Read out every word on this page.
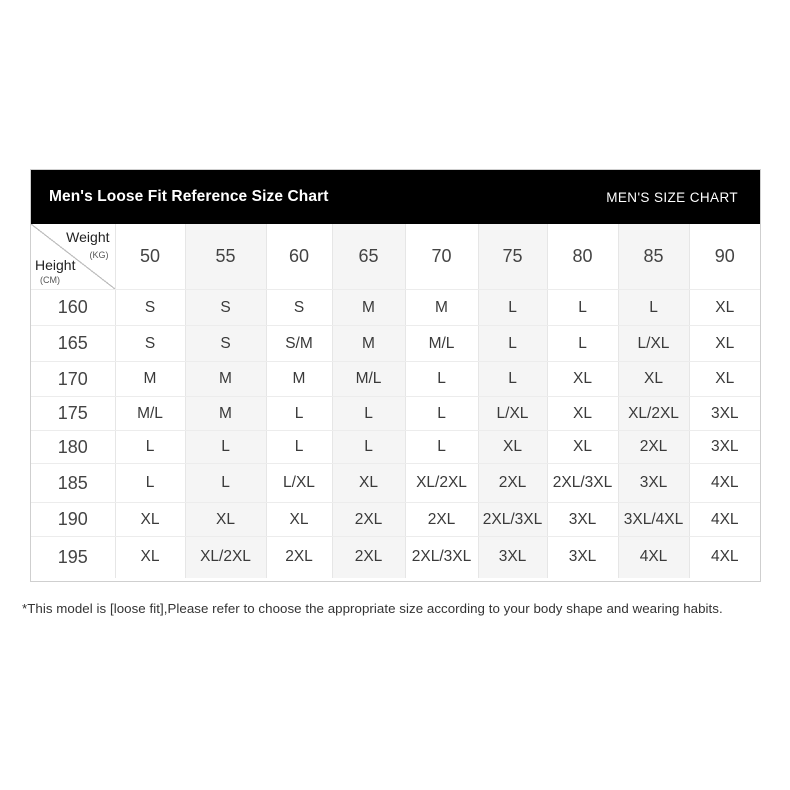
Men's Loose Fit Reference Size Chart	MEN'S SIZE CHART
Weight
(KG)
Height
(CM)	50	55	60	65	70	75	80	85	90
160	S	S	S	M	M	L	L	L	XL
165	S	S	S/M	M	M/L	L	L	L/XL	XL
170	M	M	M	M/L	L	L	XL	XL	XL
175	M/L	M	L	L	L	L/XL	XL	XL/2XL	3XL
180	L	L	L	L	L	XL	XL	2XL	3XL
185	L	L	L/XL	XL	XL/2XL	2XL	2XL/3XL	3XL	4XL
190	XL	XL	XL	2XL	2XL	2XL/3XL	3XL	3XL/4XL	4XL
195	XL	XL/2XL	2XL	2XL	2XL/3XL	3XL	3XL	4XL	4XL
*This model is [loose fit],Please refer to choose the appropriate size according to your body shape and wearing habits.
